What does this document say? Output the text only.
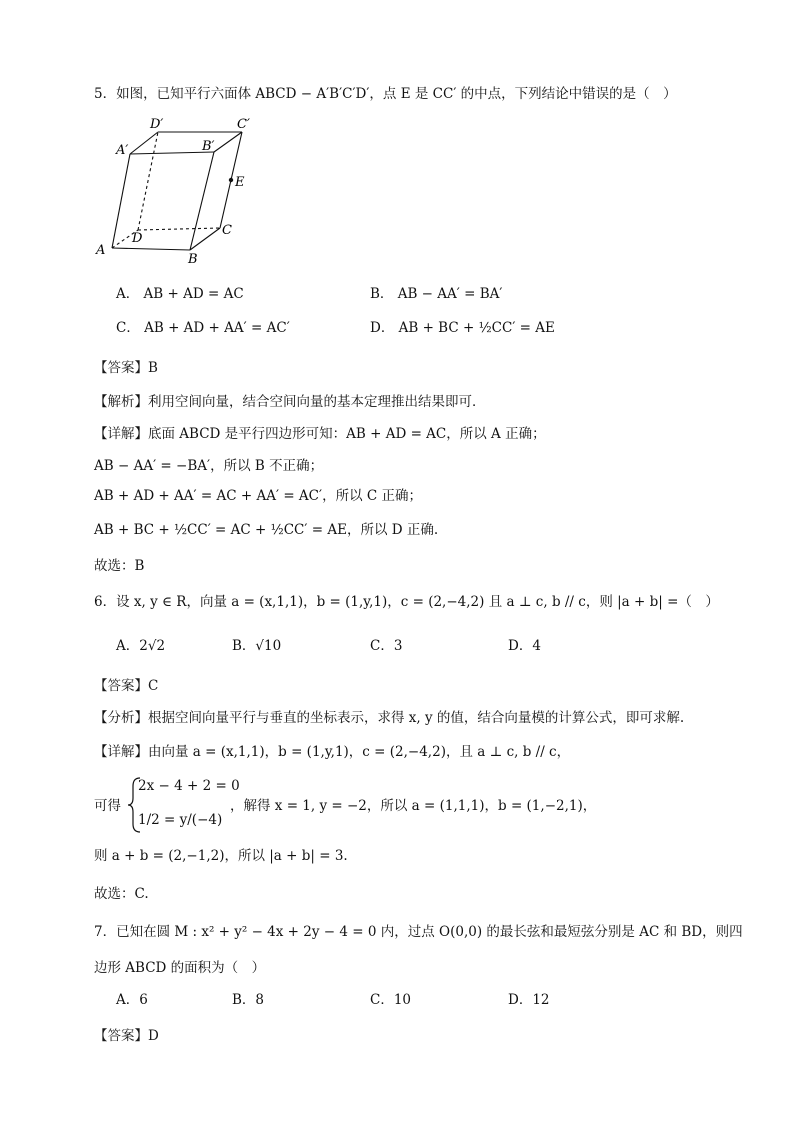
5．如图，已知平行六面体 ABCD − A′B′C′D′，点 E 是 CC′ 的中点，下列结论中错误的是（　）
A′
D′	C′
B′
E
D
C
A
B
A． AB + AD = AC	B． AB − AA′ = BA′
C． AB + AD + AA′ = AC′	D． AB + BC + ½CC′ = AE
【答案】B
【解析】利用空间向量，结合空间向量的基本定理推出结果即可．
【详解】底面 ABCD 是平行四边形可知：AB + AD = AC，所以 A 正确；
AB − AA′ = −BA′，所以 B 不正确；
AB + AD + AA′ = AC + AA′ = AC′，所以 C 正确；
AB + BC + ½CC′ = AC + ½CC′ = AE，所以 D 正确.
故选：B
6．设 x, y ∈ R，向量 a = (x,1,1)，b = (1,y,1)，c = (2,−4,2) 且 a ⊥ c, b // c，则 |a + b| =（　）
A．2√2	B．√10	C．3	D．4
【答案】C
【分析】根据空间向量平行与垂直的坐标表示，求得 x, y 的值，结合向量模的计算公式，即可求解.
【详解】由向量 a = (x,1,1)，b = (1,y,1)，c = (2,−4,2)，且 a ⊥ c, b // c，
可得
2x − 4 + 2 = 0
1/2 = y/(−4)
，解得 x = 1, y = −2，所以 a = (1,1,1)，b = (1,−2,1)，
则 a + b = (2,−1,2)，所以 |a + b| = 3.
故选：C.
7．已知在圆 M : x² + y² − 4x + 2y − 4 = 0 内，过点 O(0,0) 的最长弦和最短弦分别是 AC 和 BD，则四
边形 ABCD 的面积为（　）
A．6	B．8	C．10	D．12
【答案】D
